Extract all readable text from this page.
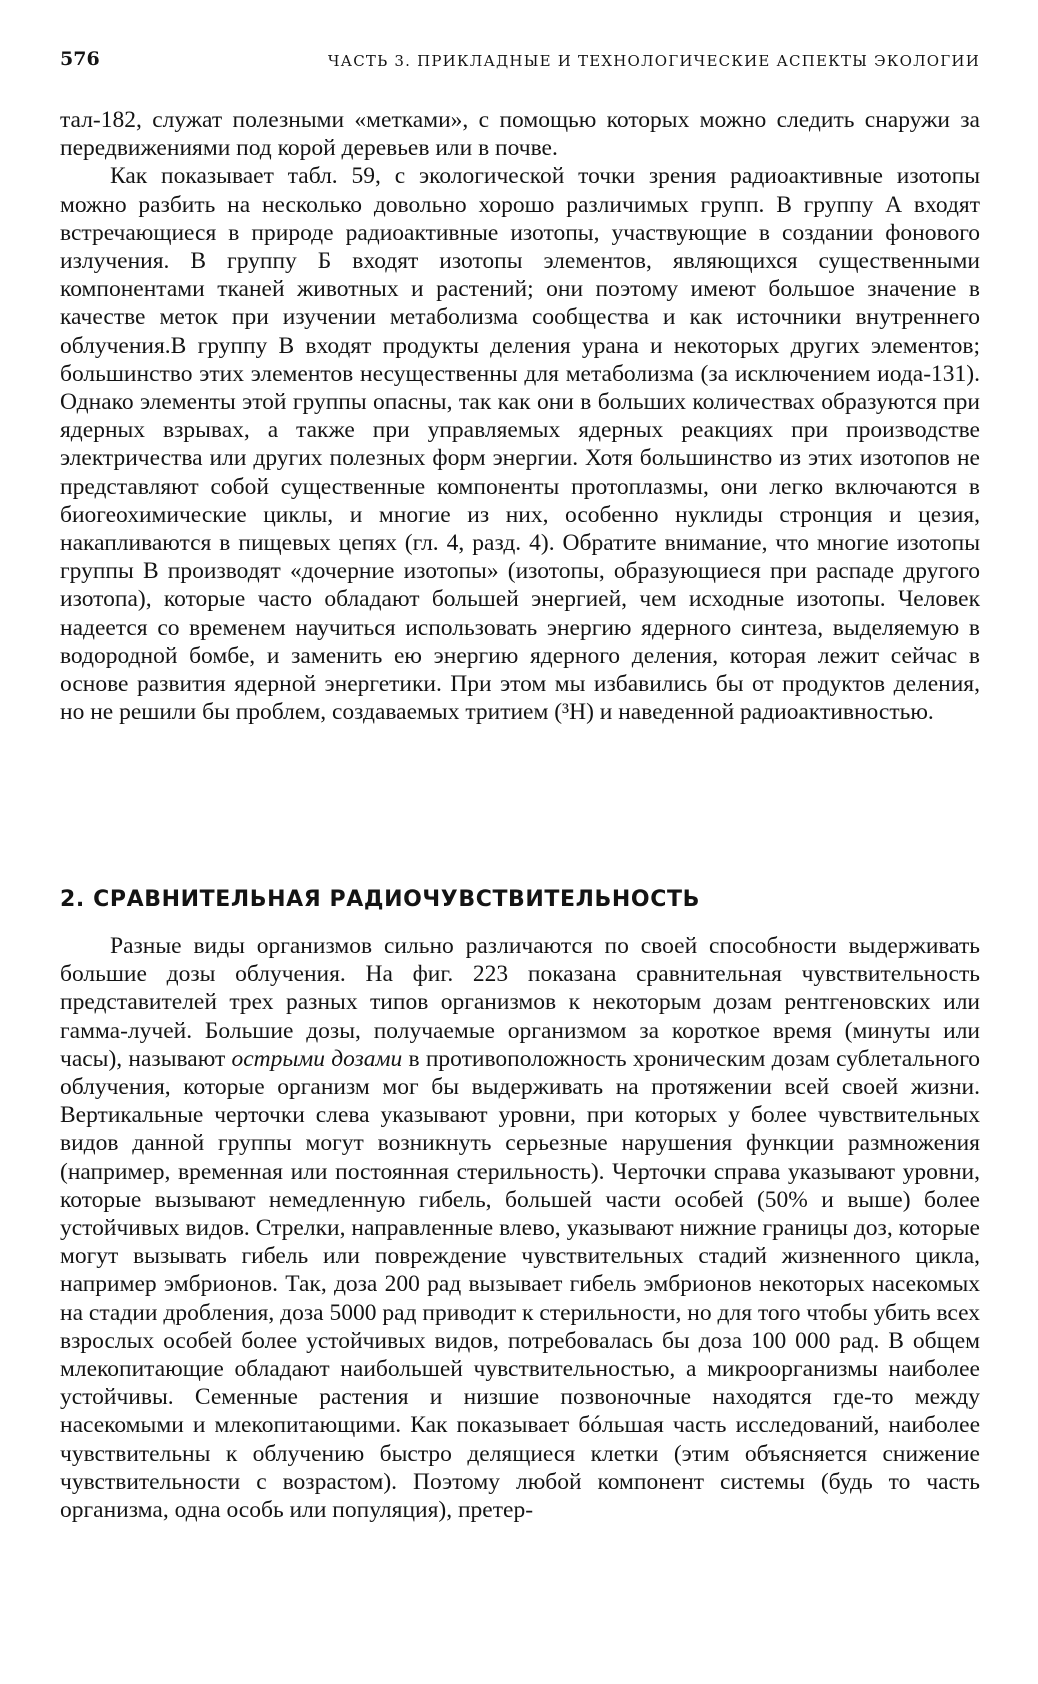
576	ЧАСТЬ 3. ПРИКЛАДНЫЕ И ТЕХНОЛОГИЧЕСКИЕ АСПЕКТЫ ЭКОЛОГИИ

тал-182, служат полезными «метками», с помощью которых можно следить снаружи за передвижениями под корой деревьев или в почве.

Как показывает табл. 59, с экологической точки зрения радиоактивные изотопы можно разбить на несколько довольно хорошо различимых групп. В группу А входят встречающиеся в природе радиоактивные изотопы, участвующие в создании фонового излучения. В группу Б входят изотопы элементов, являющихся существенными компонентами тканей животных и растений; они поэтому имеют большое значение в качестве меток при изучении метаболизма сообщества и как источники внутреннего облучения.В группу В входят продукты деления урана и некоторых других элементов; большинство этих элементов несущественны для метаболизма (за исключением иода-131). Однако элементы этой группы опасны, так как они в больших количествах образуются при ядерных взрывах, а также при управляемых ядерных реакциях при производстве электричества или других полезных форм энергии. Хотя большинство из этих изотопов не представляют собой существенные компоненты протоплазмы, они легко включаются в биогеохимические циклы, и многие из них, особенно нуклиды стронция и цезия, накапливаются в пищевых цепях (гл. 4, разд. 4). Обратите внимание, что многие изотопы группы В производят «дочерние изотопы» (изотопы, образующиеся при распаде другого изотопа), которые часто обладают большей энергией, чем исходные изотопы. Человек надеется со временем научиться использовать энергию ядерного синтеза, выделяемую в водородной бомбе, и заменить ею энергию ядерного деления, которая лежит сейчас в основе развития ядерной энергетики. При этом мы избавились бы от продуктов деления, но не решили бы проблем, создаваемых тритием (³Н) и наведенной радиоактивностью.

2. СРАВНИТЕЛЬНАЯ РАДИОЧУВСТВИТЕЛЬНОСТЬ

Разные виды организмов сильно различаются по своей способности выдерживать большие дозы облучения. На фиг. 223 показана сравнительная чувствительность представителей трех разных типов организмов к некоторым дозам рентгеновских или гамма-лучей. Большие дозы, получаемые организмом за короткое время (минуты или часы), называют острыми дозами в противоположность хроническим дозам сублетального облучения, которые организм мог бы выдерживать на протяжении всей своей жизни. Вертикальные черточки слева указывают уровни, при которых у более чувствительных видов данной группы могут возникнуть серьезные нарушения функции размножения (например, временная или постоянная стерильность). Черточки справа указывают уровни, которые вызывают немедленную гибель, большей части особей (50% и выше) более устойчивых видов. Стрелки, направленные влево, указывают нижние границы доз, которые могут вызывать гибель или повреждение чувствительных стадий жизненного цикла, например эмбрионов. Так, доза 200 рад вызывает гибель эмбрионов некоторых насекомых на стадии дробления, доза 5000 рад приводит к стерильности, но для того чтобы убить всех взрослых особей более устойчивых видов, потребовалась бы доза 100 000 рад. В общем млекопитающие обладают наибольшей чувствительностью, а микроорганизмы наиболее устойчивы. Семенные растения и низшие позвоночные находятся где-то между насекомыми и млекопитающими. Как показывает бóльшая часть исследований, наиболее чувствительны к облучению быстро делящиеся клетки (этим объясняется снижение чувствительности с возрастом). Поэтому любой компонент системы (будь то часть организма, одна особь или популяция), претер-
